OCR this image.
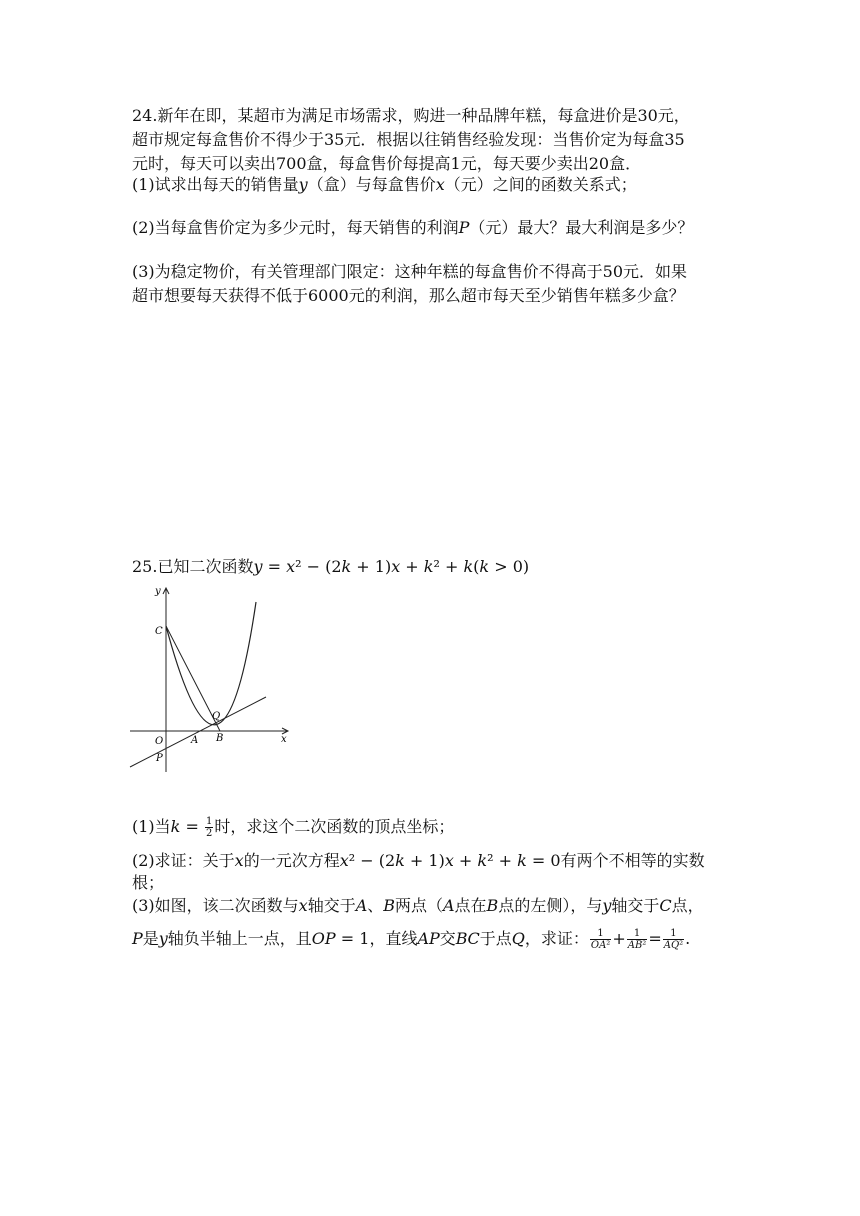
24.新年在即，某超市为满足市场需求，购进一种品牌年糕，每盒进价是30元，
超市规定每盒售价不得少于35元．根据以往销售经验发现：当售价定为每盒35
元时，每天可以卖出700盒，每盒售价每提高1元，每天要少卖出20盒．
(1)试求出每天的销售量𝑦（盒）与每盒售价𝑥（元）之间的函数关系式；
(2)当每盒售价定为多少元时，每天销售的利润𝑃（元）最大？最大利润是多少？
(3)为稳定物价，有关管理部门限定：这种年糕的每盒售价不得高于50元．如果
超市想要每天获得不低于6000元的利润，那么超市每天至少销售年糕多少盒？
25.已知二次函数𝑦 = 𝑥² − (2𝑘 + 1)𝑥 + 𝑘² + 𝑘(𝑘 > 0)
y
x
C
O	A B
Q
P
(1)当𝑘 = $\frac{1}{2}$ 时，求这个二次函数的顶点坐标；
(2)求证：关于𝑥的一元次方程𝑥² − (2𝑘 + 1)𝑥 + 𝑘² + 𝑘 = 0有两个不相等的实数
根；
(3)如图，该二次函数与𝑥轴交于𝐴、𝐵两点（𝐴点在𝐵点的左侧），与𝑦轴交于𝐶点，
𝑃是𝑦轴负半轴上一点，且𝑂𝑃 = 1，直线𝐴𝑃交𝐵𝐶于点𝑄，求证： $\frac{1}{\text{𝑂𝐴²}} + \frac{1}{\text{𝐴𝐵²}} = \frac{1}{\text{𝐴𝑄²}}$ .
